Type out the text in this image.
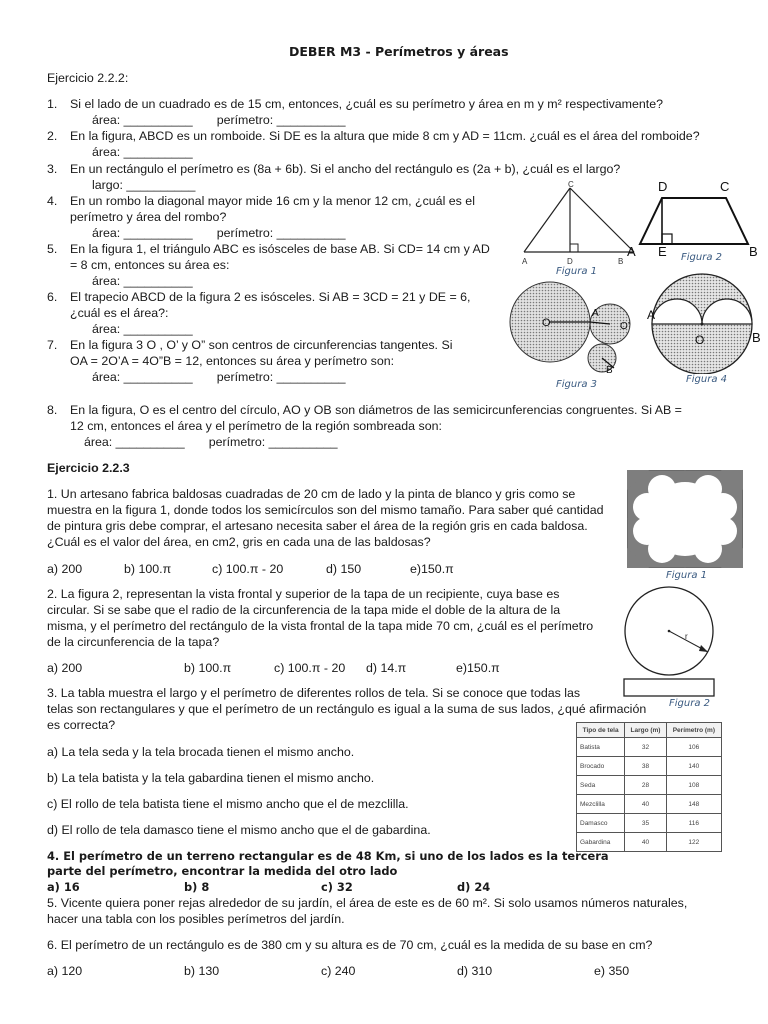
DEBER M3 - Perímetros y áreas
Ejercicio 2.2.2:
1. Si el lado de un cuadrado es de 15 cm, entonces, ¿cuál es su perímetro y área en m y m² respectivamente?
área: __________       perímetro: __________
2. En la figura, ABCD es un romboide. Si DE es la altura que mide 8 cm y AD = 11cm. ¿cuál es el área del romboide?
área: __________
3. En un rectángulo el perímetro es (8a + 6b). Si el ancho del rectángulo es (2a + b), ¿cuál es el largo?
largo: __________
4. En un rombo la diagonal mayor mide 16 cm y la menor 12 cm, ¿cuál es el
perímetro y área del rombo?
área: __________       perímetro: __________
5. En la figura 1, el triángulo ABC es isósceles de base AB. Si CD= 14 cm y AD
= 8 cm, entonces su área es:
área: __________
6. El trapecio ABCD de la figura 2 es isósceles. Si AB = 3CD = 21 y DE = 6,
¿cuál es el área?:
área: __________
7. En la figura 3 O , O’ y O” son centros de circunferencias tangentes. Si
OA = 2O’A = 4O”B = 12, entonces su área y perímetro son:
área: __________       perímetro: __________
8. En la figura, O es el centro del círculo, AO y OB son diámetros de las semicircunferencias congruentes. Si AB =
12 cm, entonces el área y el perímetro de la región sombreada son:
área: __________       perímetro: __________
C
A	D	B
Figura 1
D	C
A E	B
Figura 2
O
A
O’
B
Figura 3
A
O	B
Figura 4
Ejercicio 2.2.3
1. Un artesano fabrica baldosas cuadradas de 20 cm de lado y la pinta de blanco y gris como se
muestra en la figura 1, donde todos los semicírculos son del mismo tamaño. Para saber qué cantidad
de pintura gris debe comprar, el artesano necesita saber el área de la región gris en cada baldosa.
¿Cuál es el valor del área, en cm2, gris en cada una de las baldosas?
a) 200	b) 100.π	c) 100.π - 20	d) 150	e)150.π	Figura 1
2. La figura 2, representan la vista frontal y superior de la tapa de un recipiente, cuya base es
circular. Si se sabe que el radio de la circunferencia de la tapa mide el doble de la altura de la
misma, y el perímetro del rectángulo de la vista frontal de la tapa mide 70 cm, ¿cuál es el perímetro
de la circunferencia de la tapa?
a) 200	b) 100.π	c) 100.π - 20 d) 14.π	e)150.π
r
Figura 2
3. La tabla muestra el largo y el perímetro de diferentes rollos de tela. Si se conoce que todas las
telas son rectangulares y que el perímetro de un rectángulo es igual a la suma de sus lados, ¿qué afirmación
es correcta?
a) La tela seda y la tela brocada tienen el mismo ancho.
b) La tela batista y la tela gabardina tienen el mismo ancho.
c) El rollo de tela batista tiene el mismo ancho que el de mezclilla.
d) El rollo de tela damasco tiene el mismo ancho que el de gabardina.
Tipo de tela	Largo (m)	Perímetro (m)
Batista	32	106
Brocado	38	140
Seda	28	108
Mezclilla	40	148
Damasco	35	116
Gabardina	40	122
4. El perímetro de un terreno rectangular es de 48 Km, si uno de los lados es la tercera
parte del perímetro, encontrar la medida del otro lado
a) 16	b) 8	c) 32	d) 24
5. Vicente quiera poner rejas alrededor de su jardín, el área de este es de 60 m². Si solo usamos números naturales,
hacer una tabla con los posibles perímetros del jardín.
6. El perímetro de un rectángulo es de 380 cm y su altura es de 70 cm, ¿cuál es la medida de su base en cm?
a) 120	b) 130	c) 240	d) 310	e) 350
